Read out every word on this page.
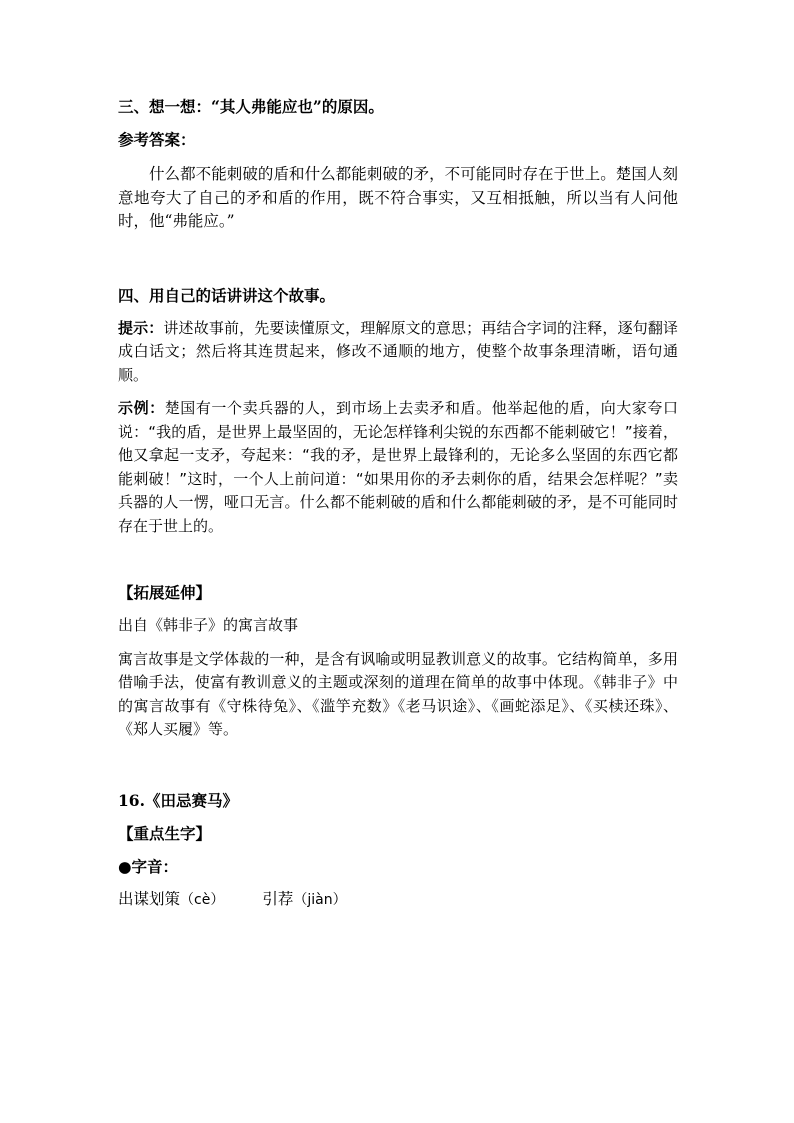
三、想一想：“其人弗能应也”的原因。

参考答案：

什么都不能刺破的盾和什么都能刺破的矛，不可能同时存在于世上。楚国人刻意地夸大了自己的矛和盾的作用，既不符合事实，又互相抵触，所以当有人问他时，他“弗能应。”

四、用自己的话讲讲这个故事。

提示：讲述故事前，先要读懂原文，理解原文的意思；再结合字词的注释，逐句翻译成白话文；然后将其连贯起来，修改不通顺的地方，使整个故事条理清晰，语句通顺。

示例：楚国有一个卖兵器的人，到市场上去卖矛和盾。他举起他的盾，向大家夸口说：“我的盾，是世界上最坚固的，无论怎样锋利尖锐的东西都不能刺破它！”接着，他又拿起一支矛，夸起来：“我的矛，是世界上最锋利的，无论多么坚固的东西它都能刺破！”这时，一个人上前问道：“如果用你的矛去刺你的盾，结果会怎样呢？”卖兵器的人一愣，哑口无言。什么都不能刺破的盾和什么都能刺破的矛，是不可能同时存在于世上的。

【拓展延伸】

出自《韩非子》的寓言故事

寓言故事是文学体裁的一种，是含有讽喻或明显教训意义的故事。它结构简单，多用借喻手法，使富有教训意义的主题或深刻的道理在简单的故事中体现。《韩非子》中的寓言故事有《守株待兔》、《滥竽充数》《老马识途》、《画蛇添足》、《买椟还珠》、《郑人买履》等。

16.《田忌赛马》

【重点生字】

●字音：

出谋划策（cè） 引荐（jiàn）
